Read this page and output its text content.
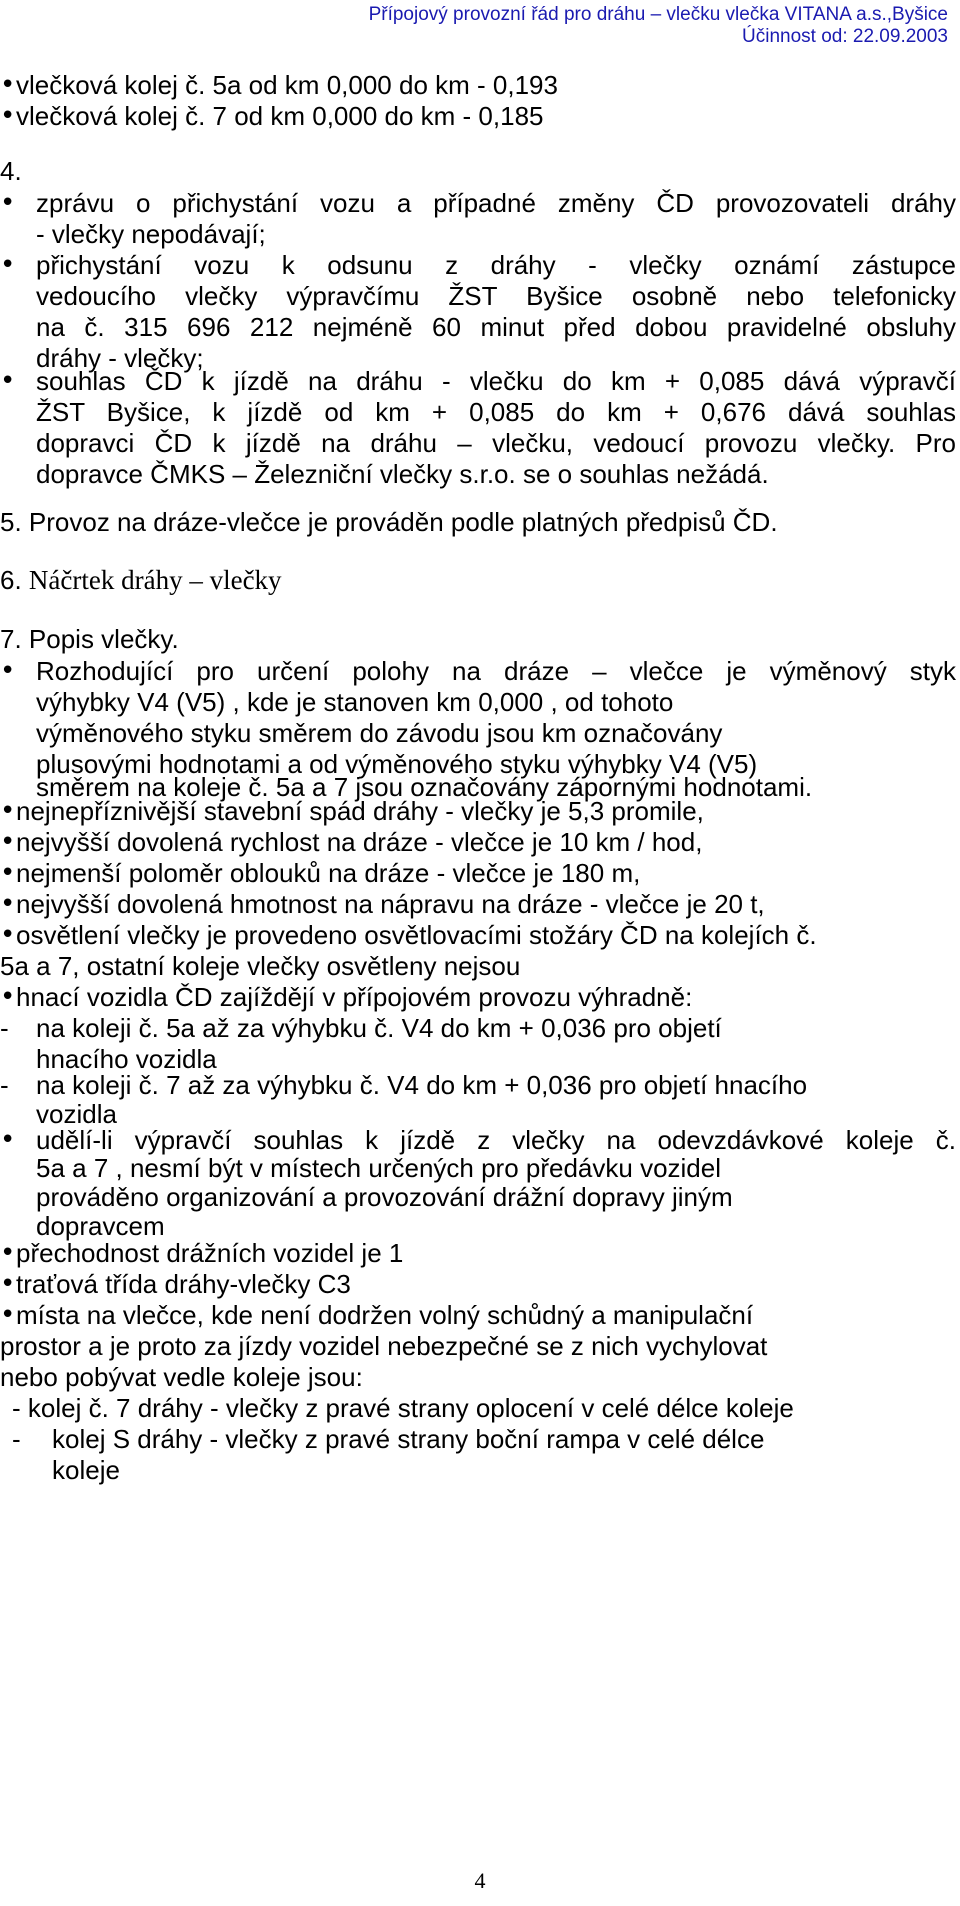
Přípojový provozní řád pro dráhu – vlečku vlečka VITANA a.s.,Byšice
Účinnost od: 22.09.2003
•
•
•
•
•
•
•
•
•
•
•
•
•
•
•
•
vlečková kolej č. 5a od km 0,000 do km - 0,193
vlečková kolej č. 7 od km 0,000 do km - 0,185
4.
zprávu o přichystání vozu a případné změny ČD provozovateli dráhy
- vlečky nepodávají;
přichystání vozu k odsunu z dráhy - vlečky oznámí zástupce
vedoucího vlečky výpravčímu ŽST Byšice osobně nebo telefonicky
na č. 315 696 212 nejméně 60 minut před dobou pravidelné obsluhy
dráhy - vlečky;
souhlas ČD k jízdě na dráhu - vlečku do km + 0,085 dává výpravčí
ŽST Byšice, k jízdě od km + 0,085 do km + 0,676 dává souhlas
dopravci ČD k jízdě na dráhu – vlečku, vedoucí provozu vlečky. Pro
dopravce ČMKS – Železniční vlečky s.r.o. se o souhlas nežádá.
5. Provoz na dráze-vlečce je prováděn podle platných předpisů ČD.
6. Náčrtek dráhy – vlečky
7. Popis vlečky.
Rozhodující pro určení polohy na dráze – vlečce je výměnový styk
výhybky V4 (V5) , kde je stanoven km 0,000 , od tohoto
výměnového styku směrem do závodu jsou km označovány
plusovými hodnotami a od výměnového styku výhybky V4 (V5)
směrem na koleje č. 5a a 7 jsou označovány zápornými hodnotami.
nejnepříznivější stavební spád dráhy - vlečky je 5,3 promile,
nejvyšší dovolená rychlost na dráze - vlečce je 10 km / hod,
nejmenší poloměr oblouků na dráze - vlečce je 180 m,
nejvyšší dovolená hmotnost na nápravu na dráze - vlečce je 20 t,
osvětlení vlečky je provedeno osvětlovacími stožáry ČD na kolejích č.
5a a 7, ostatní koleje vlečky osvětleny nejsou
hnací vozidla ČD zajíždějí v přípojovém provozu výhradně:
- na koleji č. 5a až za výhybku č. V4 do km + 0,036 pro objetí
hnacího vozidla
- na koleji č. 7 až za výhybku č. V4 do km + 0,036 pro objetí hnacího
vozidla
udělí-li výpravčí souhlas k jízdě z vlečky na odevzdávkové koleje č.
5a a 7 , nesmí být v místech určených pro předávku vozidel
prováděno organizování a provozování drážní dopravy jiným
dopravcem
přechodnost drážních vozidel je 1
traťová třída dráhy-vlečky C3
místa na vlečce, kde není dodržen volný schůdný a manipulační
prostor a je proto za jízdy vozidel nebezpečné se z nich vychylovat
nebo pobývat vedle koleje jsou:
- kolej č. 7 dráhy - vlečky z pravé strany oplocení v celé délce koleje
- kolej S dráhy - vlečky z pravé strany boční rampa v celé délce
koleje
4
